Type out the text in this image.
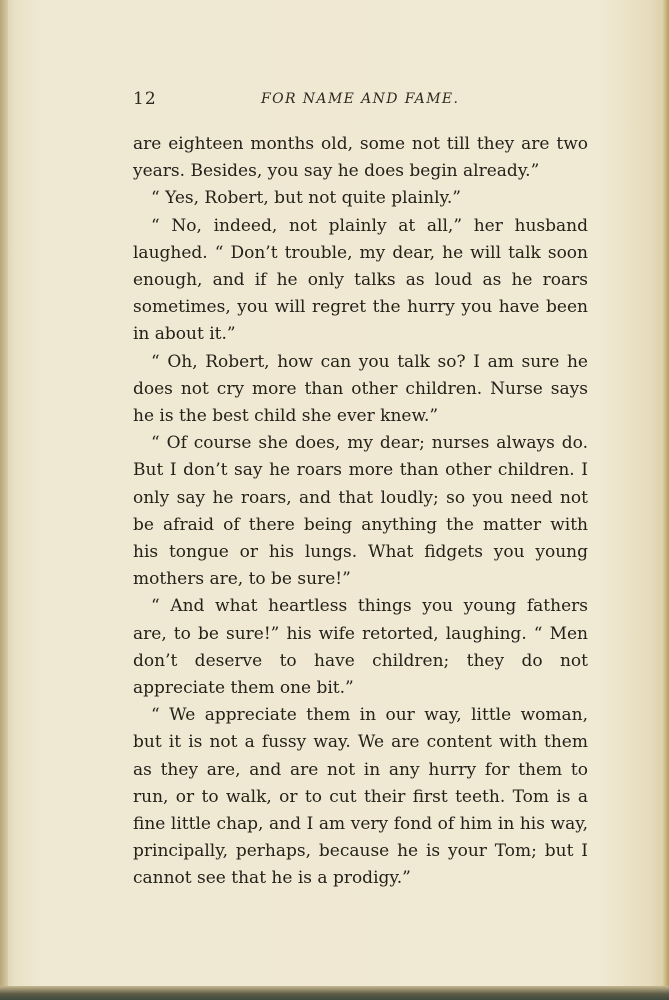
12	FOR NAME AND FAME.

are eighteen months old, some not till they are two years. Besides, you say he does begin already.”

“ Yes, Robert, but not quite plainly.”

“ No, indeed, not plainly at all,” her husband laughed. “ Don’t trouble, my dear, he will talk soon enough, and if he only talks as loud as he roars sometimes, you will regret the hurry you have been in about it.”

“ Oh, Robert, how can you talk so? I am sure he does not cry more than other children. Nurse says he is the best child she ever knew.”

“ Of course she does, my dear; nurses always do. But I don’t say he roars more than other children. I only say he roars, and that loudly; so you need not be afraid of there being anything the matter with his tongue or his lungs. What fidgets you young mothers are, to be sure!”

“ And what heartless things you young fathers are, to be sure!” his wife retorted, laughing. “ Men don’t deserve to have children; they do not appreciate them one bit.”

“ We appreciate them in our way, little woman, but it is not a fussy way. We are content with them as they are, and are not in any hurry for them to run, or to walk, or to cut their first teeth. Tom is a fine little chap, and I am very fond of him in his way, principally, perhaps, because he is your Tom; but I cannot see that he is a prodigy.”
